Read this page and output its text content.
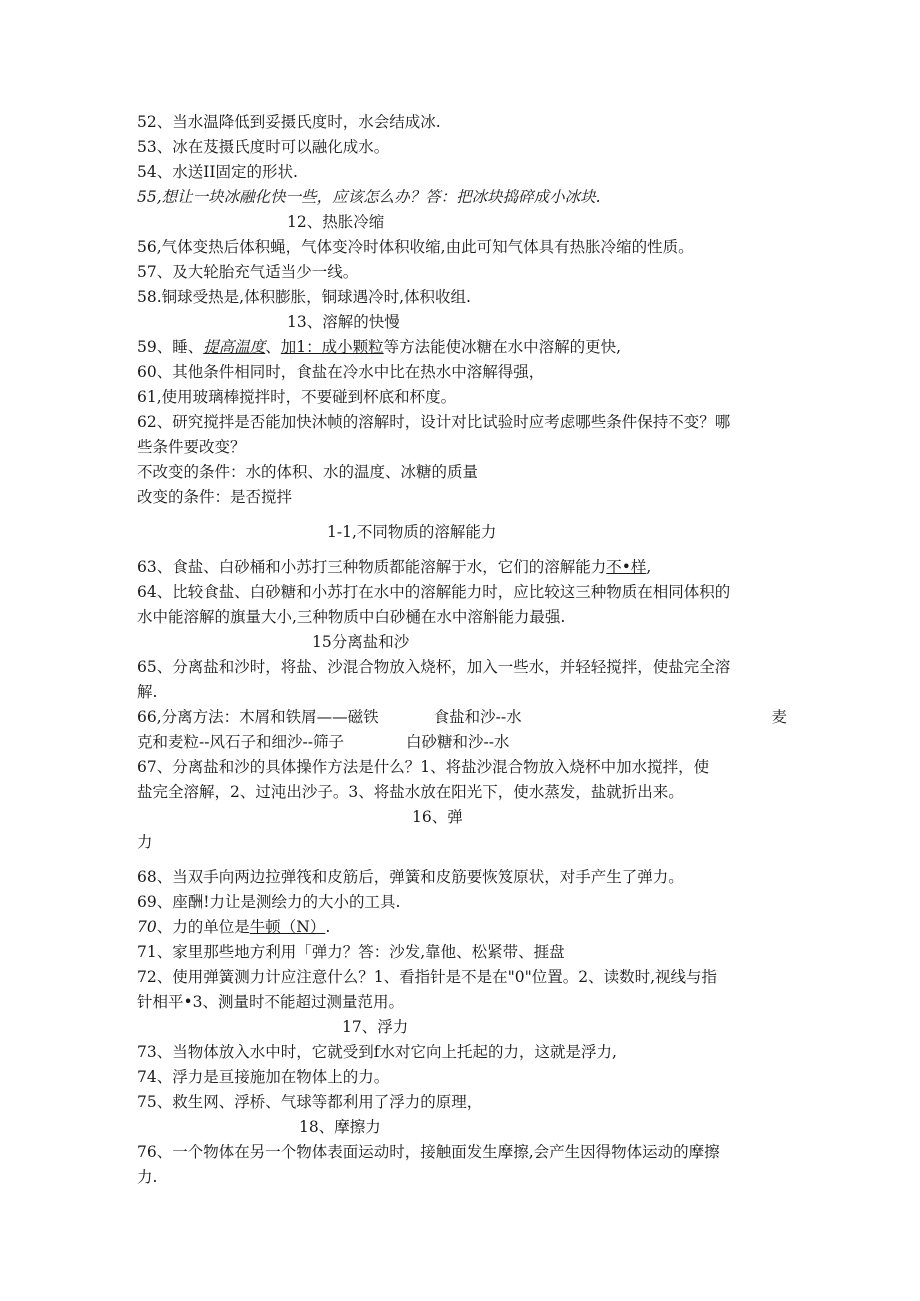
52、当水温降低到妥摄氏度时，水会结成冰.
53、冰在芨摄氏度时可以融化成水。
54、水送II固定的形状.
55,想让一块冰融化快一些，应该怎么办？答：把冰块捣碎成小冰块.
12、热胀冷缩
56,气体变热后体积蝇，气体变冷时体积收缩,由此可知气体具有热胀冷缩的性质。
57、及大轮胎充气适当少一线。
58.铜球受热是,体积膨胀，铜球遇冷时,体积收组.
13、溶解的快慢
59、睡、提高温度、加1：成小颗粒等方法能使冰糖在水中溶解的更快,
60、其他条件相同时，食盐在冷水中比在热水中溶解得强，
61,使用玻璃棒搅拌时，不要碰到杯底和杯度。
62、研究搅拌是否能加快沐帧的溶解时，设计对比试验时应考虑哪些条件保持不变？哪
些条件要改变？
不改变的条件：水的体积、水的温度、冰糖的质量
改变的条件：是否搅拌
1-1,不同物质的溶解能力
63、食盐、白砂桶和小苏打三种物质都能溶解于水，它们的溶解能力不•样,
64、比较食盐、白砂糖和小苏打在水中的溶解能力时，应比较这三种物质在相同体积的
水中能溶解的旗量大小,三种物质中白砂樋在水中溶斛能力最强.
15分离盐和沙
65、分离盐和沙时，将盐、沙混合物放入烧杯，加入一些水，并轻轻搅拌，使盐完全溶
解.
66,分离方法：木屑和铁屑——磁铁	食盐和沙--水	麦
克和麦粒--风石子和细沙--筛子	白砂糖和沙--水
67、分离盐和沙的具体操作方法是什么？1、将盐沙混合物放入烧杯中加水搅拌，使
盐完全溶解，2、过沌出沙子。3、将盐水放在阳光下，使水蒸发，盐就折出来。
16、弹
力
68、当双手向两边拉弹筏和皮筋后，弹簧和皮筋要恢笈原状，对手产生了弹力。
69、座酬!力让是测绘力的大小的工具.
70、力的单位是牛顿（N）.
71、家里那些地方利用「弹力？答：沙发,靠他、松紧带、捱盘
72、使用弹簧测力计应注意什么？1、看指针是不是在"0"位置。2、读数时,视线与指
针相平•3、测量时不能超过测量范用。
17、浮力
73、当物体放入水中时，它就受到f水对它向上托起的力，这就是浮力,
74、浮力是亘接施加在物体上的力。
75、救生网、浮桥、气球等都利用了浮力的原理，
18、摩擦力
76、一个物体在另一个物体表面运动时，接触面发生摩擦,会产生因得物体运动的摩擦
力.
